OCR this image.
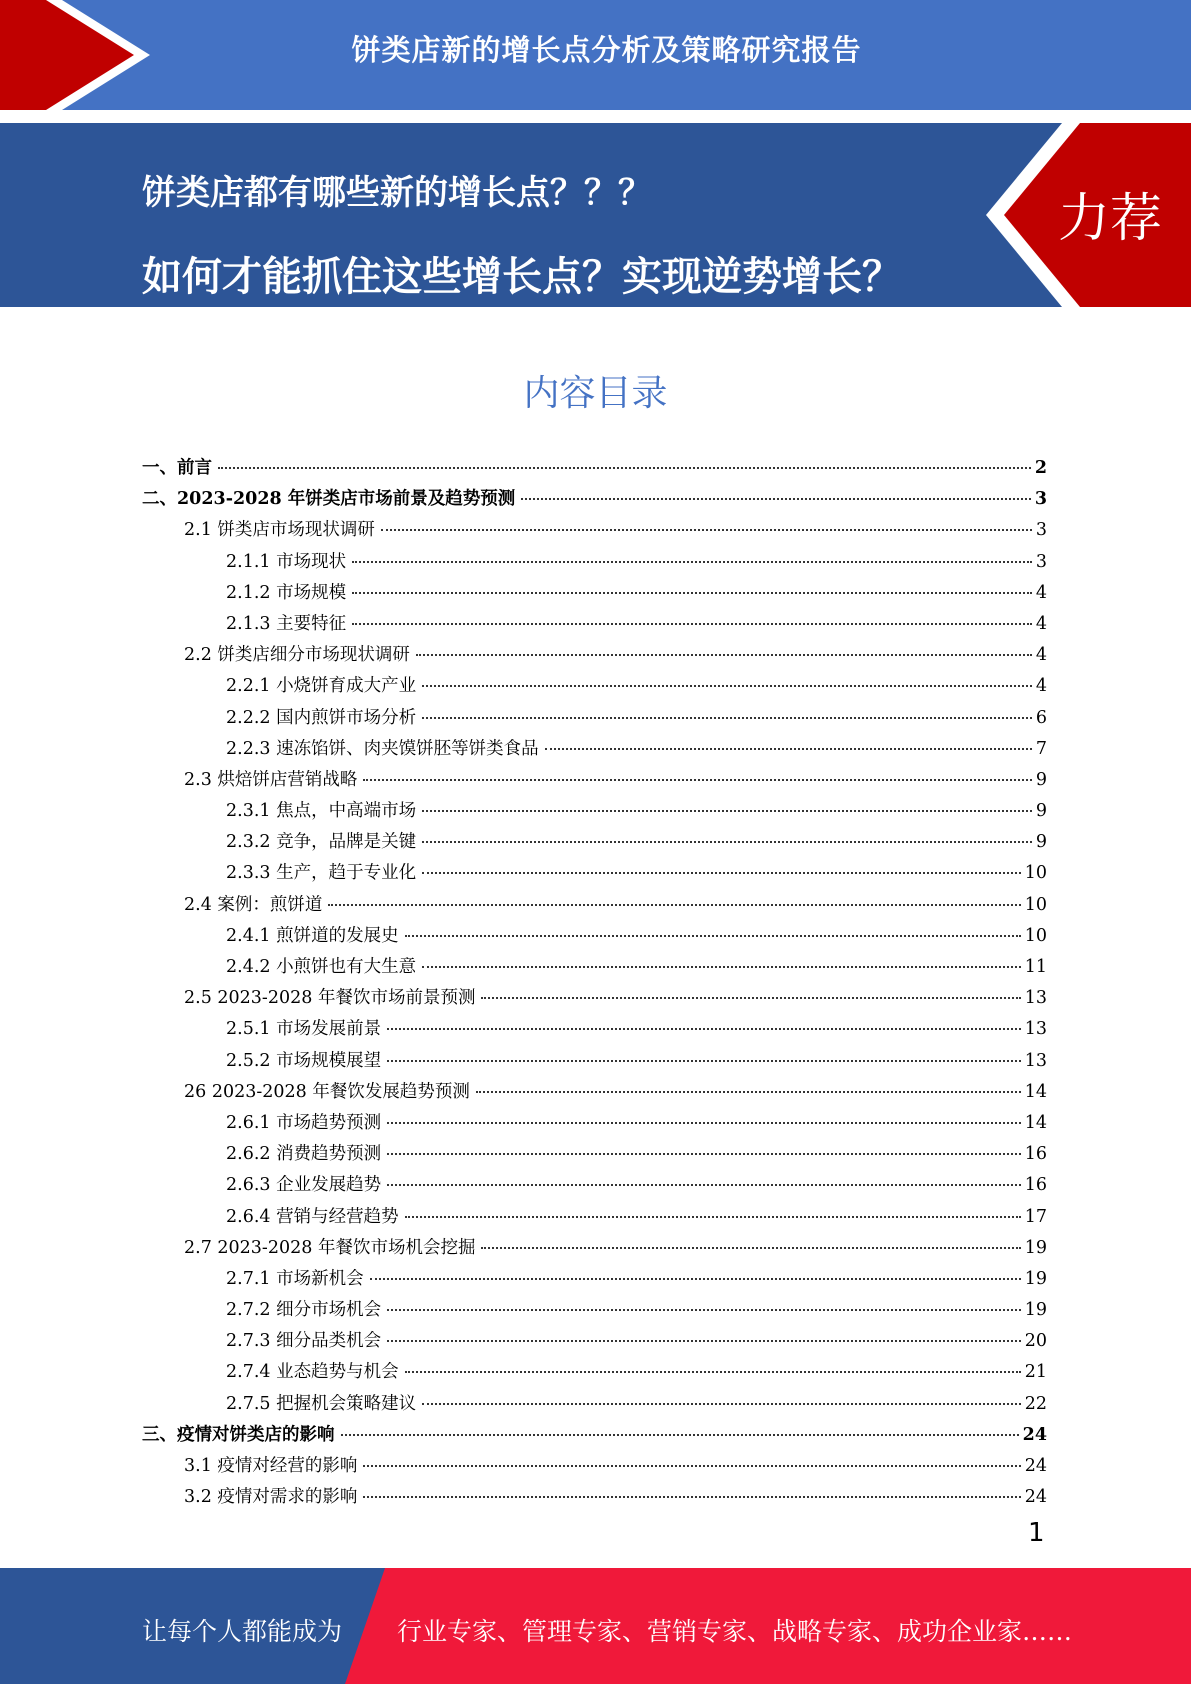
饼类店新的增长点分析及策略研究报告
饼类店都有哪些新的增长点？？？
如何才能抓住这些增长点？实现逆势增长？
力荐
内容目录
一、前言	2
二、2023-2028 年饼类店市场前景及趋势预测	3
2.1 饼类店市场现状调研	3
2.1.1 市场现状	3
2.1.2 市场规模	4
2.1.3 主要特征	4
2.2 饼类店细分市场现状调研	4
2.2.1 小烧饼育成大产业	4
2.2.2 国内煎饼市场分析	6
2.2.3 速冻馅饼、肉夹馍饼胚等饼类食品	7
2.3 烘焙饼店营销战略	9
2.3.1 焦点，中高端市场	9
2.3.2 竞争，品牌是关键	9
2.3.3 生产，趋于专业化	10
2.4 案例：煎饼道	10
2.4.1 煎饼道的发展史	10
2.4.2 小煎饼也有大生意	11
2.5 2023-2028 年餐饮市场前景预测	13
2.5.1 市场发展前景	13
2.5.2 市场规模展望	13
26 2023-2028 年餐饮发展趋势预测	14
2.6.1 市场趋势预测	14
2.6.2 消费趋势预测	16
2.6.3 企业发展趋势	16
2.6.4 营销与经营趋势	17
2.7 2023-2028 年餐饮市场机会挖掘	19
2.7.1 市场新机会	19
2.7.2 细分市场机会	19
2.7.3 细分品类机会	20
2.7.4 业态趋势与机会	21
2.7.5 把握机会策略建议	22
三、疫情对饼类店的影响	24
3.1 疫情对经营的影响	24
3.2 疫情对需求的影响	24
1
让每个人都能成为 行业专家、管理专家、营销专家、战略专家、成功企业家……
